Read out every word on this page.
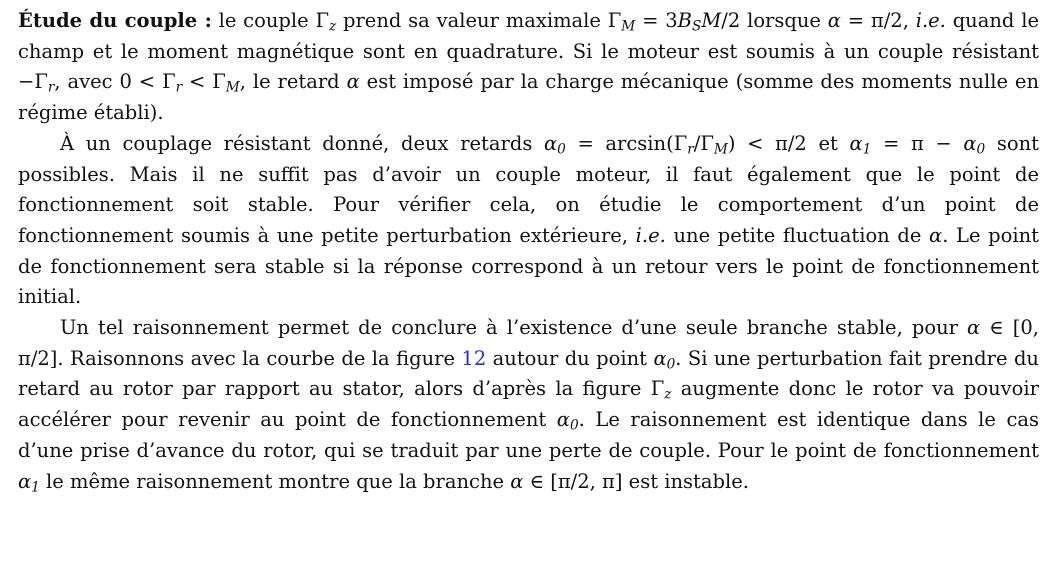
Étude du couple : le couple $\Gamma_z$ prend sa valeur maximale $\Gamma_M = 3B_SM/2$ lorsque α = π/2, i.e. quand le champ et le moment magnétique sont en quadrature. Si le moteur est soumis à un couple résistant $-\Gamma_r$, avec $0 < \Gamma_r < \Gamma_M$, le retard α est imposé par la charge mécanique (somme des moments nulle en régime établi).

À un couplage résistant donné, deux retards $\alpha_0 = \arcsin(\Gamma_r/\Gamma_M) < \pi/2$ et $\alpha_1 = \pi - \alpha_0$ sont possibles. Mais il ne suffit pas d’avoir un couple moteur, il faut également que le point de fonctionnement soit stable. Pour vérifier cela, on étudie le comportement d’un point de fonctionnement soumis à une petite perturbation extérieure, i.e. une petite fluctuation de α. Le point de fonctionnement sera stable si la réponse correspond à un retour vers le point de fonctionnement initial.

Un tel raisonnement permet de conclure à l’existence d’une seule branche stable, pour α ∈ [0, π/2]. Raisonnons avec la courbe de la figure 12 autour du point $\alpha_0$. Si une perturbation fait prendre du retard au rotor par rapport au stator, alors d’après la figure $\Gamma_z$ augmente donc le rotor va pouvoir accélérer pour revenir au point de fonctionnement $\alpha_0$. Le raisonnement est identique dans le cas d’une prise d’avance du rotor, qui se traduit par une perte de couple. Pour le point de fonctionnement $\alpha_1$ le même raisonnement montre que la branche α ∈ [π/2, π] est instable.
